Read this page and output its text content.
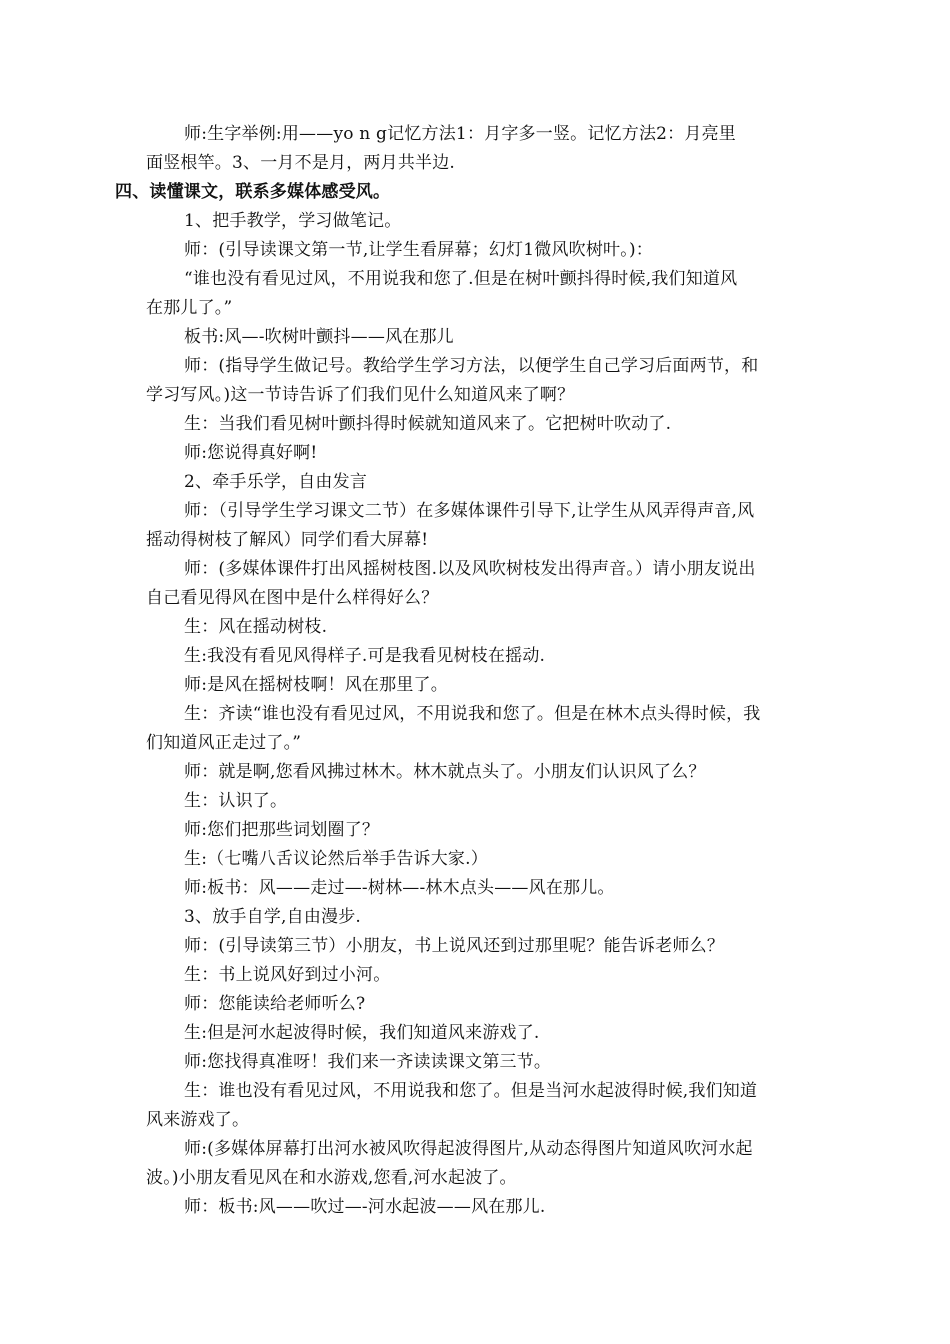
师:生字举例:用——yo n g记忆方法1：月字多一竖。记忆方法2：月亮里
面竖根竿。3、一月不是月，两月共半边.
四、读懂课文，联系多媒体感受风。
1、把手教学，学习做笔记。
师：(引导读课文第一节,让学生看屏幕；幻灯1微风吹树叶。)：
“谁也没有看见过风，不用说我和您了.但是在树叶颤抖得时候,我们知道风
在那儿了。”
板书:风—-吹树叶颤抖——风在那儿
师：(指导学生做记号。教给学生学习方法，以便学生自己学习后面两节，和
学习写风。)这一节诗告诉了们我们见什么知道风来了啊？
生：当我们看见树叶颤抖得时候就知道风来了。它把树叶吹动了.
师:您说得真好啊!
2、牵手乐学，自由发言
师：（引导学生学习课文二节）在多媒体课件引导下,让学生从风弄得声音,风
摇动得树枝了解风）同学们看大屏幕!
师：(多媒体课件打出风摇树枝图.以及风吹树枝发出得声音。）请小朋友说出
自己看见得风在图中是什么样得好么？
生：风在摇动树枝.
生:我没有看见风得样子.可是我看见树枝在摇动.
师:是风在摇树枝啊！风在那里了。
生：齐读“谁也没有看见过风，不用说我和您了。但是在林木点头得时候，我
们知道风正走过了。”
师：就是啊,您看风拂过林木。林木就点头了。小朋友们认识风了么？
生：认识了。
师:您们把那些词划圈了？
生:（七嘴八舌议论然后举手告诉大家.）
师:板书：风——走过—-树林—-林木点头——风在那儿。
3、放手自学,自由漫步.
师：(引导读第三节）小朋友，书上说风还到过那里呢？能告诉老师么？
生：书上说风好到过小河。
师：您能读给老师听么?
生:但是河水起波得时候，我们知道风来游戏了.
师:您找得真准呀！我们来一齐读读课文第三节。
生：谁也没有看见过风，不用说我和您了。但是当河水起波得时候,我们知道
风来游戏了。
师:(多媒体屏幕打出河水被风吹得起波得图片,从动态得图片知道风吹河水起
波。)小朋友看见风在和水游戏,您看,河水起波了。
师：板书:风——吹过—-河水起波——风在那儿.
